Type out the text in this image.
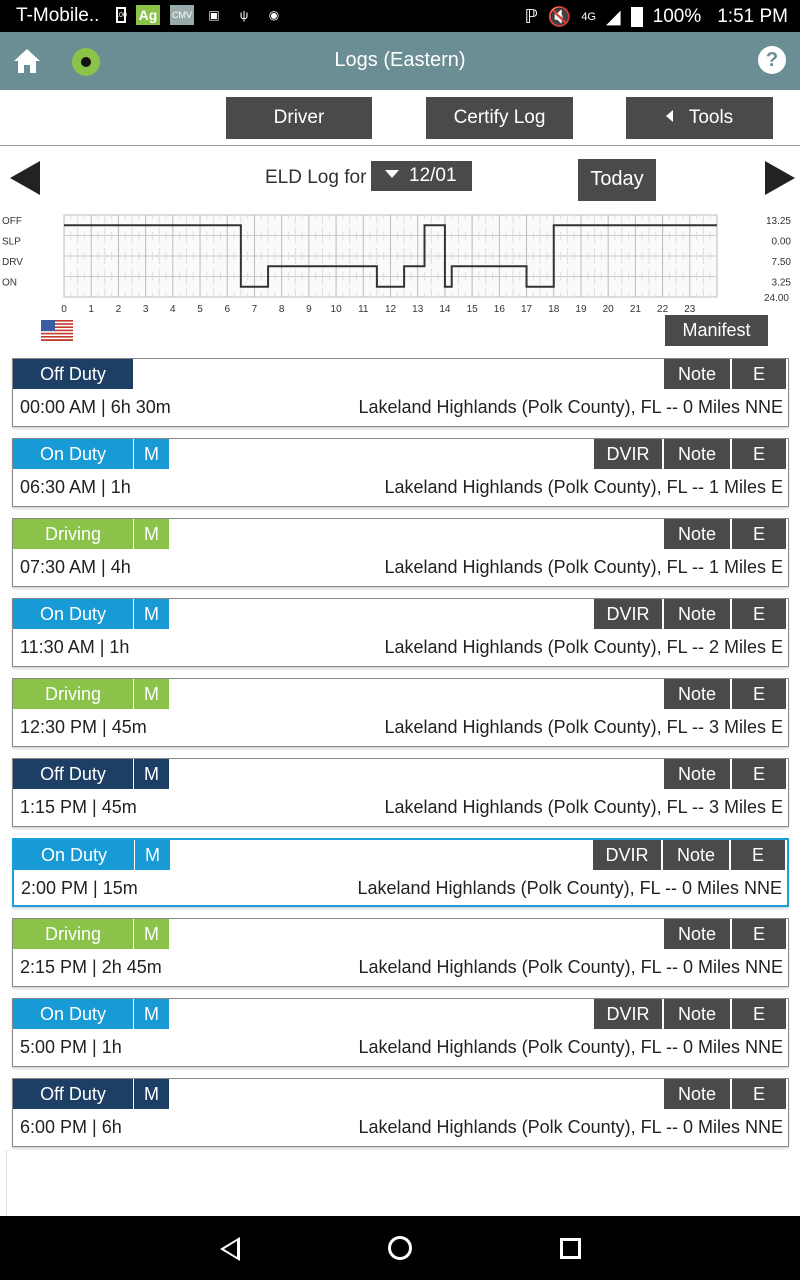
T-Mobile.. 100 Ag CMV	▣	ψ	◉	ℙ 🔇 4G ◢ 100% 1:51 PM
Logs (Eastern)	?
Driver	Certify Log	Tools
ELD Log for	12/01	Today
OFF	13.25
SLP	0.00
DRV	7.50
ON	3.25
24.00
0 1 2 3 4 5 6 7 8 9 10 11 12 13 14 15 16 17 18 19 20 21 22 23
Manifest
Off Duty	Note	E
00:00 AM | 6h 30m	Lakeland Highlands (Polk County), FL -- 0 Miles NNE
On Duty	M	DVIR	Note	E
06:30 AM | 1h	Lakeland Highlands (Polk County), FL -- 1 Miles E
Driving	M	Note	E
07:30 AM | 4h	Lakeland Highlands (Polk County), FL -- 1 Miles E
On Duty	M	DVIR	Note	E
11:30 AM | 1h	Lakeland Highlands (Polk County), FL -- 2 Miles E
Driving	M	Note	E
12:30 PM | 45m	Lakeland Highlands (Polk County), FL -- 3 Miles E
Off Duty	M	Note	E
1:15 PM | 45m	Lakeland Highlands (Polk County), FL -- 3 Miles E
On Duty	M	DVIR	Note	E
2:00 PM | 15m	Lakeland Highlands (Polk County), FL -- 0 Miles NNE
Driving	M	Note	E
2:15 PM | 2h 45m	Lakeland Highlands (Polk County), FL -- 0 Miles NNE
On Duty	M	DVIR	Note	E
5:00 PM | 1h	Lakeland Highlands (Polk County), FL -- 0 Miles NNE
Off Duty	M	Note	E
6:00 PM | 6h	Lakeland Highlands (Polk County), FL -- 0 Miles NNE
